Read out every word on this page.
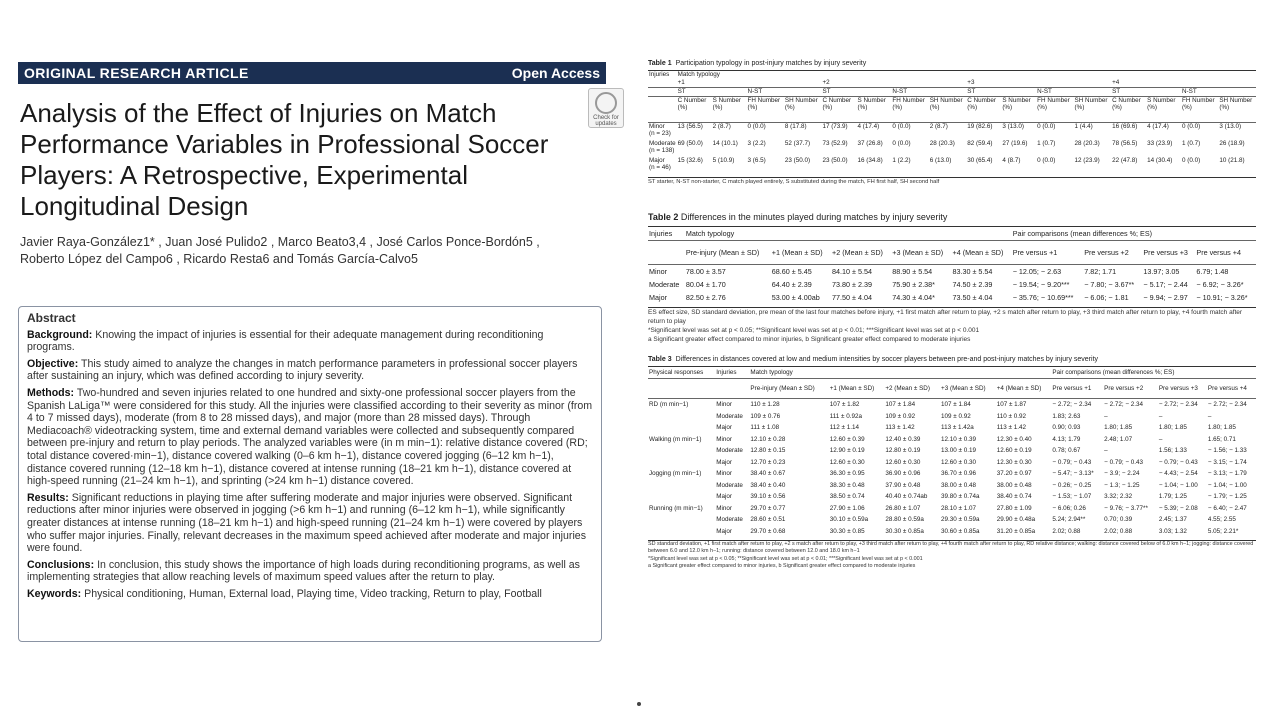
ORIGINAL RESEARCH ARTICLE	Open Access
Check for updates
Analysis of the Effect of Injuries on Match Performance Variables in Professional Soccer Players: A Retrospective, Experimental Longitudinal Design
Javier Raya-González1* , Juan José Pulido2 , Marco Beato3,4 , José Carlos Ponce-Bordón5 ,
Roberto López del Campo6 , Ricardo Resta6 and Tomás García-Calvo5
Abstract

Background: Knowing the impact of injuries is essential for their adequate management during reconditioning programs.

Objective: This study aimed to analyze the changes in match performance parameters in professional soccer players after sustaining an injury, which was defined according to injury severity.

Methods: Two-hundred and seven injuries related to one hundred and sixty-one professional soccer players from the Spanish LaLiga™ were considered for this study. All the injuries were classified according to their severity as minor (from 4 to 7 missed days), moderate (from 8 to 28 missed days), and major (more than 28 missed days). Through Mediacoach® videotracking system, time and external demand variables were collected and subsequently compared between pre-injury and return to play periods. The analyzed variables were (in m min−1): relative distance covered (RD; total distance covered·min−1), distance covered walking (0–6 km h−1), distance covered jogging (6–12 km h−1), distance covered running (12–18 km h−1), distance covered at intense running (18–21 km h−1), distance covered at high-speed running (21–24 km h−1), and sprinting (>24 km h−1) distance covered.

Results: Significant reductions in playing time after suffering moderate and major injuries were observed. Significant reductions after minor injuries were observed in jogging (>6 km h−1) and running (6–12 km h−1), while significantly greater distances at intense running (18–21 km h−1) and high-speed running (21–24 km h−1) were covered by players who suffer major injuries. Finally, relevant decreases in the maximum speed achieved after moderate and major injuries were found.

Conclusions: In conclusion, this study shows the importance of high loads during reconditioning programs, as well as implementing strategies that allow reaching levels of maximum speed values after the return to play.

Keywords: Physical conditioning, Human, External load, Playing time, Video tracking, Return to play, Football

Table 1 Participation typology in post-injury matches by injury severity
Injuries	Match typology															
	+1				+2				+3				+4			
	ST		N-ST		ST		N-ST		ST		N-ST		ST		N-ST	
	C Number (%)	S Number (%)	FH Number (%)	SH Number (%)	C Number (%)	S Number (%)	FH Number (%)	SH Number (%)	C Number (%)	S Number (%)	FH Number (%)	SH Number (%)	C Number (%)	S Number (%)	FH Number (%)	SH Number (%)

Minor
(n = 23)	13 (56.5)	2 (8.7)	0 (0.0)	8 (17.8)	17 (73.9)	4 (17.4)	0 (0.0)	2 (8.7)	19 (82.6)	3 (13.0)	0 (0.0)	1 (4.4)	16 (69.6)	4 (17.4)	0 (0.0)	3 (13.0)

Moderate
(n = 138)	69 (50.0)	14 (10.1)	3 (2.2)	52 (37.7)	73 (52.9)	37 (26.8)	0 (0.0)	28 (20.3)	82 (59.4)	27 (19.6)	1 (0.7)	28 (20.3)	78 (56.5)	33 (23.9)	1 (0.7)	26 (18.9)

Major
(n = 46)	15 (32.6)	5 (10.9)	3 (6.5)	23 (50.0)	23 (50.0)	16 (34.8)	1 (2.2)	6 (13.0)	30 (65.4)	4 (8.7)	0 (0.0)	12 (23.9)	22 (47.8)	14 (30.4)	0 (0.0)	10 (21.8)
ST starter, N-ST non-starter, C match played entirely, S substituted during the match, FH first half, SH second half
Table 2 Differences in the minutes played during matches by injury severity
Injuries	Match typology					Pair comparisons (mean differences %; ES)			
	Pre-injury (Mean ± SD)	+1 (Mean ± SD)	+2 (Mean ± SD)	+3 (Mean ± SD)	+4 (Mean ± SD)	Pre versus +1	Pre versus +2	Pre versus +3	Pre versus +4
Minor	78.00 ± 3.57	68.60 ± 5.45	84.10 ± 5.54	88.90 ± 5.54	83.30 ± 5.54	− 12.05; − 2.63	7.82; 1.71	13.97; 3.05	6.79; 1.48
Moderate	80.04 ± 1.70	64.40 ± 2.39	73.80 ± 2.39	75.90 ± 2.38*	74.50 ± 2.39	− 19.54; − 9.20***	− 7.80; − 3.67**	− 5.17; − 2.44	− 6.92; − 3.26*
Major	82.50 ± 2.76	53.00 ± 4.00ab	77.50 ± 4.04	74.30 ± 4.04*	73.50 ± 4.04	− 35.76; − 10.69***	− 6.06; − 1.81	− 9.94; − 2.97	− 10.91; − 3.26*
ES effect size, SD standard deviation, pre mean of the last four matches before injury, +1 first match after return to play, +2 s match after return to play, +3 third match after return to play, +4 fourth match after return to play
*Significant level was set at p < 0.05; **Significant level was set at p < 0.01; ***Significant level was set at p < 0.001
a Significant greater effect compared to minor injuries, b Significant greater effect compared to moderate injuries
Table 3 Differences in distances covered at low and medium intensities by soccer players between pre-and post-injury matches by injury severity
Physical responses	Injuries	Match typology					Pair comparisons (mean differences %; ES)			
		Pre-injury (Mean ± SD)	+1 (Mean ± SD)	+2 (Mean ± SD)	+3 (Mean ± SD)	+4 (Mean ± SD)	Pre versus +1	Pre versus +2	Pre versus +3	Pre versus +4
RD (m min−1)	Minor	110 ± 1.28	107 ± 1.82	107 ± 1.84	107 ± 1.84	107 ± 1.87	− 2.72; − 2.34	− 2.72; − 2.34	− 2.72; − 2.34	− 2.72; − 2.34
	Moderate	109 ± 0.76	111 ± 0.92a	109 ± 0.92	109 ± 0.92	110 ± 0.92	1.83; 2.63	–	–	–
	Major	111 ± 1.08	112 ± 1.14	113 ± 1.42	113 ± 1.42a	113 ± 1.42	0.90; 0.93	1.80; 1.85	1.80; 1.85	1.80; 1.85
Walking (m min−1)	Minor	12.10 ± 0.28	12.60 ± 0.39	12.40 ± 0.39	12.10 ± 0.39	12.30 ± 0.40	4.13; 1.79	2.48; 1.07	–	1.65; 0.71
	Moderate	12.80 ± 0.15	12.90 ± 0.19	12.80 ± 0.19	13.00 ± 0.19	12.60 ± 0.19	0.78; 0.67	–	1.56; 1.33	− 1.56; − 1.33
	Major	12.70 ± 0.23	12.60 ± 0.30	12.60 ± 0.30	12.60 ± 0.30	12.30 ± 0.30	− 0.79; − 0.43	− 0.79; − 0.43	− 0.79; − 0.43	− 3.15; − 1.74
Jogging (m min−1)	Minor	38.40 ± 0.67	36.30 ± 0.95	36.90 ± 0.96	36.70 ± 0.96	37.20 ± 0.97	− 5.47; − 3.13*	− 3.9; − 2.24	− 4.43; − 2.54	− 3.13; − 1.79
	Moderate	38.40 ± 0.40	38.30 ± 0.48	37.90 ± 0.48	38.00 ± 0.48	38.00 ± 0.48	− 0.26; − 0.25	− 1.3; − 1.25	− 1.04; − 1.00	− 1.04; − 1.00
	Major	39.10 ± 0.56	38.50 ± 0.74	40.40 ± 0.74ab	39.80 ± 0.74a	38.40 ± 0.74	− 1.53; − 1.07	3.32; 2.32	1.79; 1.25	− 1.79; − 1.25
Running (m min−1)	Minor	29.70 ± 0.77	27.90 ± 1.06	26.80 ± 1.07	28.10 ± 1.07	27.80 ± 1.09	− 6.06; 0.26	− 9.76; − 3.77**	− 5.39; − 2.08	− 6.40; − 2.47
	Moderate	28.60 ± 0.51	30.10 ± 0.59a	28.80 ± 0.59a	29.30 ± 0.59a	29.90 ± 0.48a	5.24; 2.94**	0.70; 0.39	2.45; 1.37	4.55; 2.55
	Major	29.70 ± 0.68	30.30 ± 0.85	30.30 ± 0.85a	30.60 ± 0.85a	31.20 ± 0.85a	2.02; 0.88	2.02; 0.88	3.03; 1.32	5.05; 2.21*
SD standard deviation, +1 first match after return to play, +2 s match after return to play, +3 third match after return to play, +4 fourth match after return to play, RD relative distance; walking: distance covered below of 6.0 km h−1; jogging: distance covered between 6.0 and 12.0 km h−1; running: distance covered between 12.0 and 18.0 km h−1
*Significant level was set at p < 0.05; **Significant level was set at p < 0.01; ***Significant level was set at p < 0.001
a Significant greater effect compared to minor injuries, b Significant greater effect compared to moderate injuries
